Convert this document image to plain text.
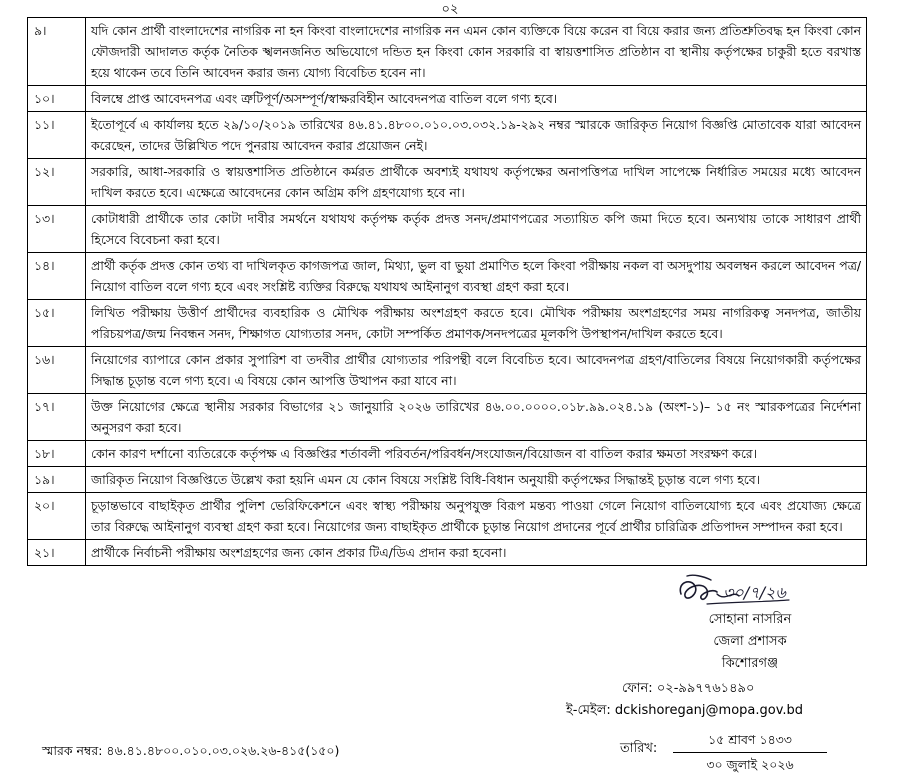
০২
৯।	যদি কোন প্রার্থী বাংলাদেশের নাগরিক না হন কিংবা বাংলাদেশের নাগরিক নন এমন কোন ব্যক্তিকে বিয়ে করেন বা বিয়ে করার জন্য প্রতিশ্রুতিবদ্ধ হন কিংবা কোন ফৌজদারী আদালত কর্তৃক নৈতিক স্খলনজনিত অভিযোগে দন্ডিত হন কিংবা কোন সরকারি বা স্বায়ত্তশাসিত প্রতিষ্ঠান বা স্থানীয় কর্তৃপক্ষের চাকুরী হতে বরখাস্ত হয়ে থাকেন তবে তিনি আবেদন করার জন্য যোগ্য বিবেচিত হবেন না।
১০।	বিলম্বে প্রাপ্ত আবেদনপত্র এবং ত্রুটিপূর্ণ/অসম্পূর্ণ/স্বাক্ষরবিহীন আবেদনপত্র বাতিল বলে গণ্য হবে।
১১।	ইতোপূর্বে এ কার্যালয় হতে ২৯/১০/২০১৯ তারিখের ৪৬.৪১.৪৮০০.০১০.০৩.০৩২.১৯-২৯২ নম্বর স্মারকে জারিকৃত নিয়োগ বিজ্ঞপ্তি মোতাবেক যারা আবেদন করেছেন, তাদের উল্লিখিত পদে পুনরায় আবেদন করার প্রয়োজন নেই।
১২।	সরকারি, আধা-সরকারি ও স্বায়ত্তশাসিত প্রতিষ্ঠানে কর্মরত প্রার্থীকে অবশ্যই যথাযথ কর্তৃপক্ষের অনাপত্তিপত্র দাখিল সাপেক্ষে নির্ধারিত সময়ের মধ্যে আবেদন দাখিল করতে হবে। এক্ষেত্রে আবেদনের কোন অগ্রিম কপি গ্রহণযোগ্য হবে না।
১৩।	কোটাধারী প্রার্থীকে তার কোটা দাবীর সমর্থনে যথাযথ কর্তৃপক্ষ কর্তৃক প্রদত্ত সনদ/প্রমাণপত্রের সত্যায়িত কপি জমা দিতে হবে। অন্যথায় তাকে সাধারণ প্রার্থী হিসেবে বিবেচনা করা হবে।
১৪।	প্রার্থী কর্তৃক প্রদত্ত কোন তথ্য বা দাখিলকৃত কাগজপত্র জাল, মিথ্যা, ভুল বা ভুয়া প্রমাণিত হলে কিংবা পরীক্ষায় নকল বা অসদুপায় অবলম্বন করলে আবেদন পত্র/নিয়োগ বাতিল বলে গণ্য হবে এবং সংশ্লিষ্ট ব্যক্তির বিরুদ্ধে যথাযথ আইনানুগ ব্যবস্থা গ্রহণ করা হবে।
১৫।	লিখিত পরীক্ষায় উত্তীর্ণ প্রার্থীদের ব্যবহারিক ও মৌখিক পরীক্ষায় অংশগ্রহণ করতে হবে। মৌখিক পরীক্ষায় অংশগ্রহণের সময় নাগরিকত্ব সনদপত্র, জাতীয় পরিচয়পত্র/জন্ম নিবন্ধন সনদ, শিক্ষাগত যোগ্যতার সনদ, কোটা সম্পর্কিত প্রমাণক/সনদপত্রের মূলকপি উপস্থাপন/দাখিল করতে হবে।
১৬।	নিয়োগের ব্যাপারে কোন প্রকার সুপারিশ বা তদবীর প্রার্থীর যোগ্যতার পরিপন্থী বলে বিবেচিত হবে। আবেদনপত্র গ্রহণ/বাতিলের বিষয়ে নিয়োগকারী কর্তৃপক্ষের সিদ্ধান্ত চূড়ান্ত বলে গণ্য হবে। এ বিষয়ে কোন আপত্তি উত্থাপন করা যাবে না।
১৭।	উক্ত নিয়োগের ক্ষেত্রে স্থানীয় সরকার বিভাগের ২১ জানুয়ারি ২০২৬ তারিখের ৪৬.০০.০০০০.০১৮.৯৯.০২৪.১৯ (অংশ-১)– ১৫ নং স্মারকপত্রের নির্দেশনা অনুসরণ করা হবে।
১৮।	কোন কারণ দর্শানো ব্যতিরেকে কর্তৃপক্ষ এ বিজ্ঞপ্তির শর্তাবলী পরিবর্তন/পরিবর্ধন/সংযোজন/বিয়োজন বা বাতিল করার ক্ষমতা সংরক্ষণ করে।
১৯।	জারিকৃত নিয়োগ বিজ্ঞপ্তিতে উল্লেখ করা হয়নি এমন যে কোন বিষয়ে সংশ্লিষ্ট বিধি-বিধান অনুযায়ী কর্তৃপক্ষের সিদ্ধান্তই চূড়ান্ত বলে গণ্য হবে।
২০।	চূড়ান্তভাবে বাছাইকৃত প্রার্থীর পুলিশ ভেরিফিকেশনে এবং স্বাস্থ্য পরীক্ষায় অনুপযুক্ত বিরূপ মন্তব্য পাওয়া গেলে নিয়োগ বাতিলযোগ্য হবে এবং প্রযোজ্য ক্ষেত্রে তার বিরুদ্ধে আইনানুগ ব্যবস্থা গ্রহণ করা হবে। নিয়োগের জন্য বাছাইকৃত প্রার্থীকে চূড়ান্ত নিয়োগ প্রদানের পূর্বে প্রার্থীর চারিত্রিক প্রতিপাদন সম্পাদন করা হবে।
২১।	প্রার্থীকে নির্বাচনী পরীক্ষায় অংশগ্রহণের জন্য কোন প্রকার টিএ/ডিএ প্রদান করা হবেনা।
৩০/৭/২৬
সোহানা নাসরিন
জেলা প্রশাসক
কিশোরগঞ্জ
ফোন: ০২-৯৯৭৭৬১৪৯০
ই-মেইল: dckishoreganj@mopa.gov.bd
স্মারক নম্বর: ৪৬.৪১.৪৮০০.০১০.০৩.০২৬.২৬-৪১৫(১৫০)	তারিখ:
১৫ শ্রাবণ ১৪৩৩
৩০ জুলাই ২০২৬
